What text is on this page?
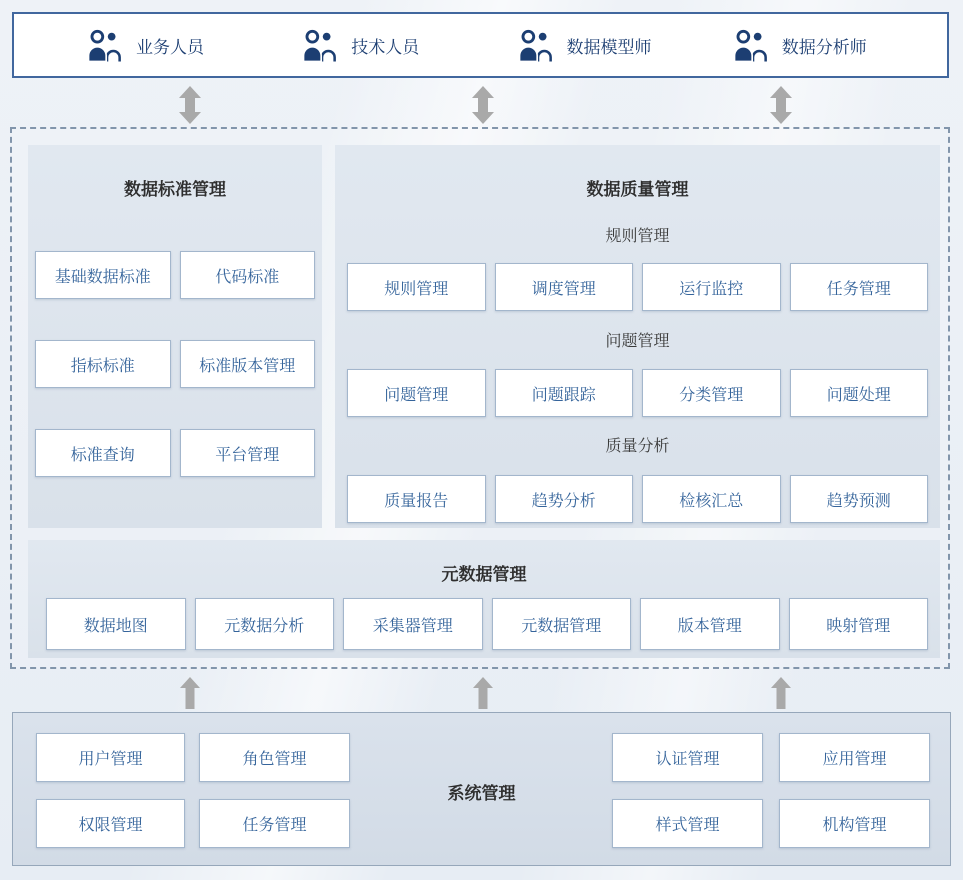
业务人员	技术人员	数据模型师	数据分析师
数据标准管理
基础数据标准	代码标准
指标标准	标准版本管理
标准查询	平台管理
数据质量管理
规则管理
规则管理	调度管理	运行监控	任务管理
问题管理
问题管理	问题跟踪	分类管理	问题处理
质量分析
质量报告	趋势分析	检核汇总	趋势预测
元数据管理
数据地图	元数据分析	采集器管理	元数据管理	版本管理	映射管理
用户管理	角色管理
权限管理	任务管理
系统管理
认证管理	应用管理
样式管理	机构管理
